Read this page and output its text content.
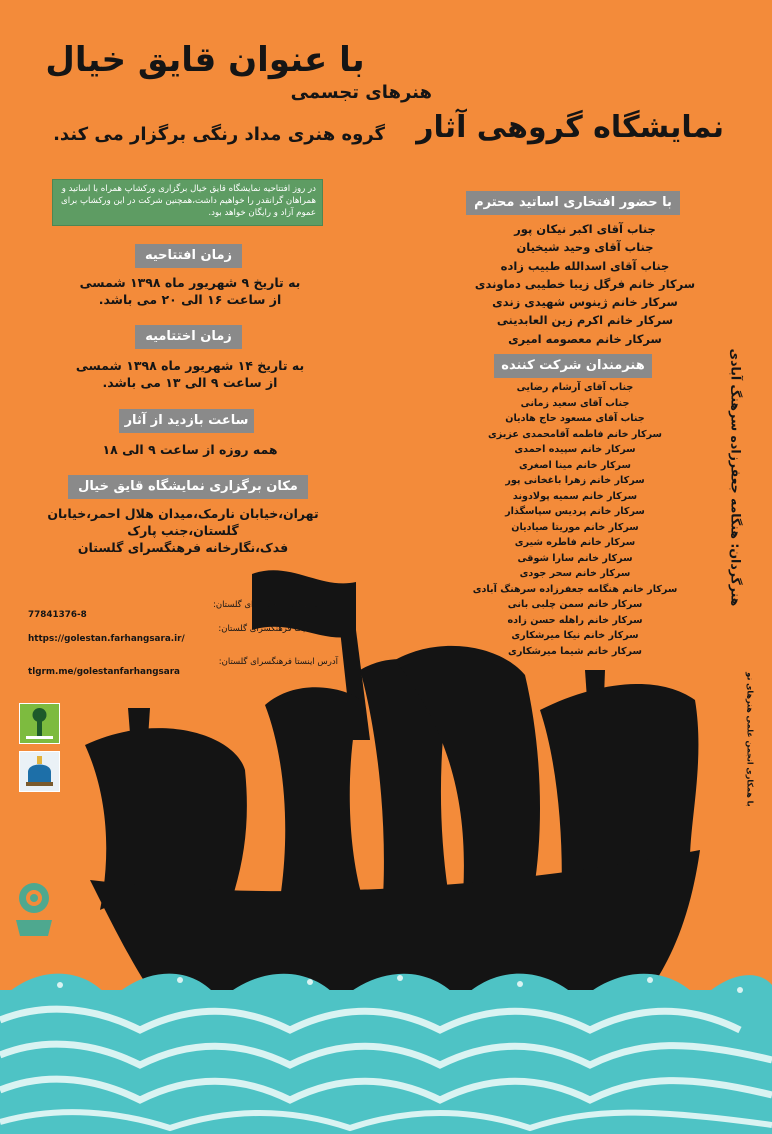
با عنوان قایق خیال
هنرهای تجسمی
نمایشگاه گروهی آثار
گروه هنری مداد رنگی برگزار می کند.
در روز افتتاحیه نمایشگاه قایق خیال برگزاری ورکشاپ همراه با اساتید و همراهان گرانقدر را خواهیم داشت،همچنین شرکت در این ورکشاپ برای عموم آزاد و رایگان خواهد بود.
زمان افتتاحیه
به تاریخ ۹ شهریور ماه ۱۳۹۸ شمسی
از ساعت ۱۶ الی ۲۰ می باشد.
زمان اختتامیه
به تاریخ ۱۴ شهریور ماه ۱۳۹۸ شمسی
از ساعت ۹ الی ۱۳ می باشد.
ساعت بازدید از آثار
همه روزه از ساعت ۹ الی ۱۸
مکان برگزاری نمایشگاه قایق خیال
تهران،خیابان نارمک،میدان هلال احمر،خیابان گلستان،جنب پارک
فدک،نگارخانه فرهنگسرای گلستان
با حضور افتخاری اساتید محترم
جناب آقای اکبر نیکان پور
جناب آقای وحید شیخیان
جناب آقای اسدالله طبیب زاده
سرکار خانم فرگل زیبا خطیبی دماوندی
سرکار خانم ژینوس شهیدی زندی
سرکار خانم اکرم زین العابدینی
سرکار خانم معصومه امیری
هنرمندان شرکت کننده
جناب آقای آرشام رضایی
جناب آقای سعید زمانی
جناب آقای مسعود حاج هادیان
سرکار خانم فاطمه آقامحمدی عزیزی
سرکار خانم سپیده احمدی
سرکار خانم مینا اصغری
سرکار خانم زهرا باغخانی پور
سرکار خانم سمیه پولادوند
سرکار خانم پردیس سپاسگذار
سرکار خانم موریتا صیادیان
سرکار خانم فاطره شیری
سرکار خانم سارا شوقی
سرکار خانم سحر جودی
سرکار خانم هنگامه جعفرزاده سرهنگ آبادی
سرکار خانم سمن چلبی بانی
سرکار خانم راهله حسن زاده
سرکار خانم نیکا میرشکاری
سرکار خانم شیما میرشکاری
راه ارتباطی با فرهنگسرای گلستان:
77841376-8
آدرس سایت فرهنگسرای گلستان:
https://golestan.farhangsara.ir/
آدرس اینستا فرهنگسرای گلستان:
tlgrm.me/golestanfarhangsara
هنرگردان: هنگامه جعفرزاده سرهنگ آبادی
با همکاری انجمن علمی هنرهای نو
